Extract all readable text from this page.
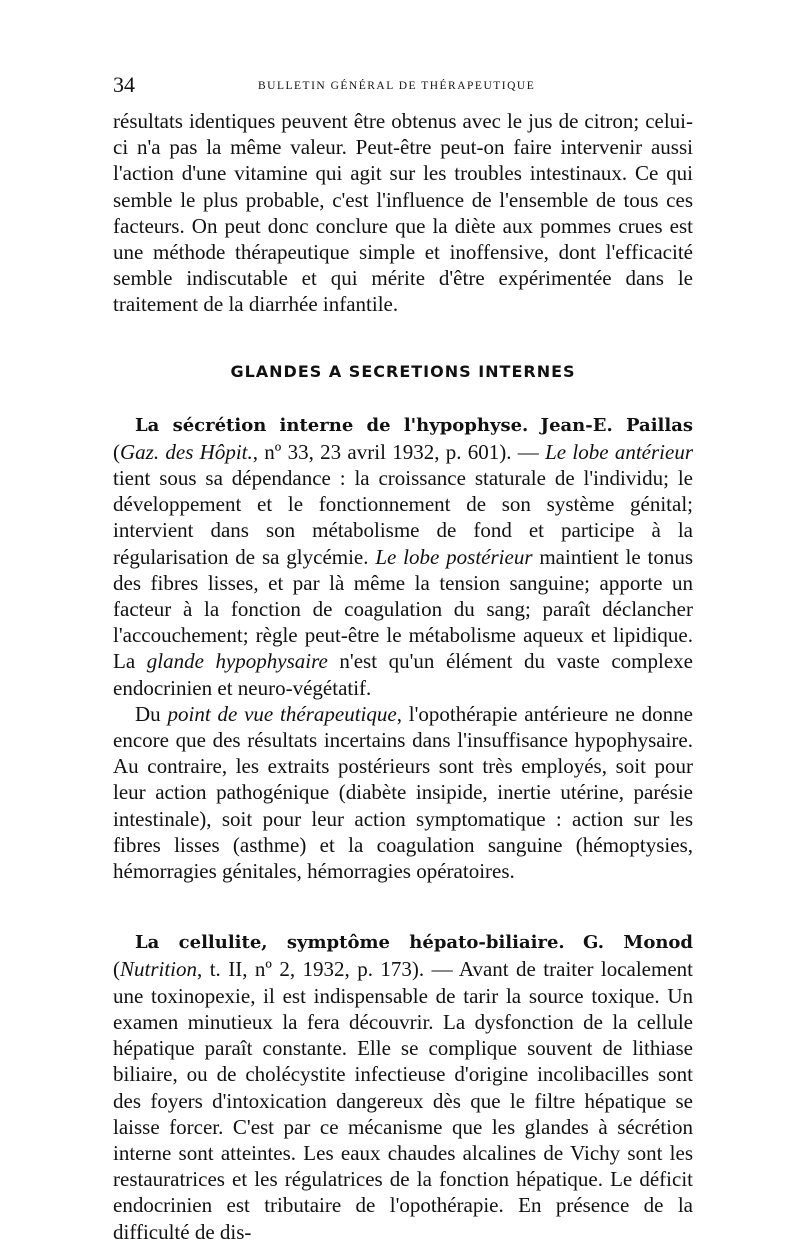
34	BULLETIN GÉNÉRAL DE THÉRAPEUTIQUE

résultats identiques peuvent être obtenus avec le jus de citron; celui-ci n'a pas la même valeur. Peut-être peut-on faire intervenir aussi l'action d'une vitamine qui agit sur les troubles intestinaux. Ce qui semble le plus probable, c'est l'influence de l'ensemble de tous ces facteurs. On peut donc conclure que la diète aux pommes crues est une méthode thérapeutique simple et inoffensive, dont l'efficacité semble indiscutable et qui mérite d'être expérimentée dans le traitement de la diarrhée infantile.

GLANDES A SECRETIONS INTERNES

La sécrétion interne de l'hypophyse. Jean-E. Paillas (Gaz. des Hôpit., nº 33, 23 avril 1932, p. 601). — Le lobe antérieur tient sous sa dépendance : la croissance staturale de l'individu; le développement et le fonctionnement de son système génital; intervient dans son métabolisme de fond et participe à la régularisation de sa glycémie. Le lobe postérieur maintient le tonus des fibres lisses, et par là même la tension sanguine; apporte un facteur à la fonction de coagulation du sang; paraît déclancher l'accouchement; règle peut-être le métabolisme aqueux et lipidique. La glande hypophysaire n'est qu'un élément du vaste complexe endocrinien et neuro-végétatif.

Du point de vue thérapeutique, l'opothérapie antérieure ne donne encore que des résultats incertains dans l'insuffisance hypophysaire. Au contraire, les extraits postérieurs sont très employés, soit pour leur action pathogénique (diabète insipide, inertie utérine, parésie intestinale), soit pour leur action symptomatique : action sur les fibres lisses (asthme) et la coagulation sanguine (hémoptysies, hémorragies génitales, hémorragies opératoires.

La cellulite, symptôme hépato-biliaire. G. Monod (Nutrition, t. II, nº 2, 1932, p. 173). — Avant de traiter localement une toxinopexie, il est indispensable de tarir la source toxique. Un examen minutieux la fera découvrir. La dysfonction de la cellule hépatique paraît constante. Elle se complique souvent de lithiase biliaire, ou de cholécystite infectieuse d'origine incolibacilles sont des foyers d'intoxication dangereux dès que le filtre hépatique se laisse forcer. C'est par ce mécanisme que les glandes à sécrétion interne sont atteintes. Les eaux chaudes alcalines de Vichy sont les restauratrices et les régulatrices de la fonction hépatique. Le déficit endocrinien est tributaire de l'opothérapie. En présence de la difficulté de dis-
